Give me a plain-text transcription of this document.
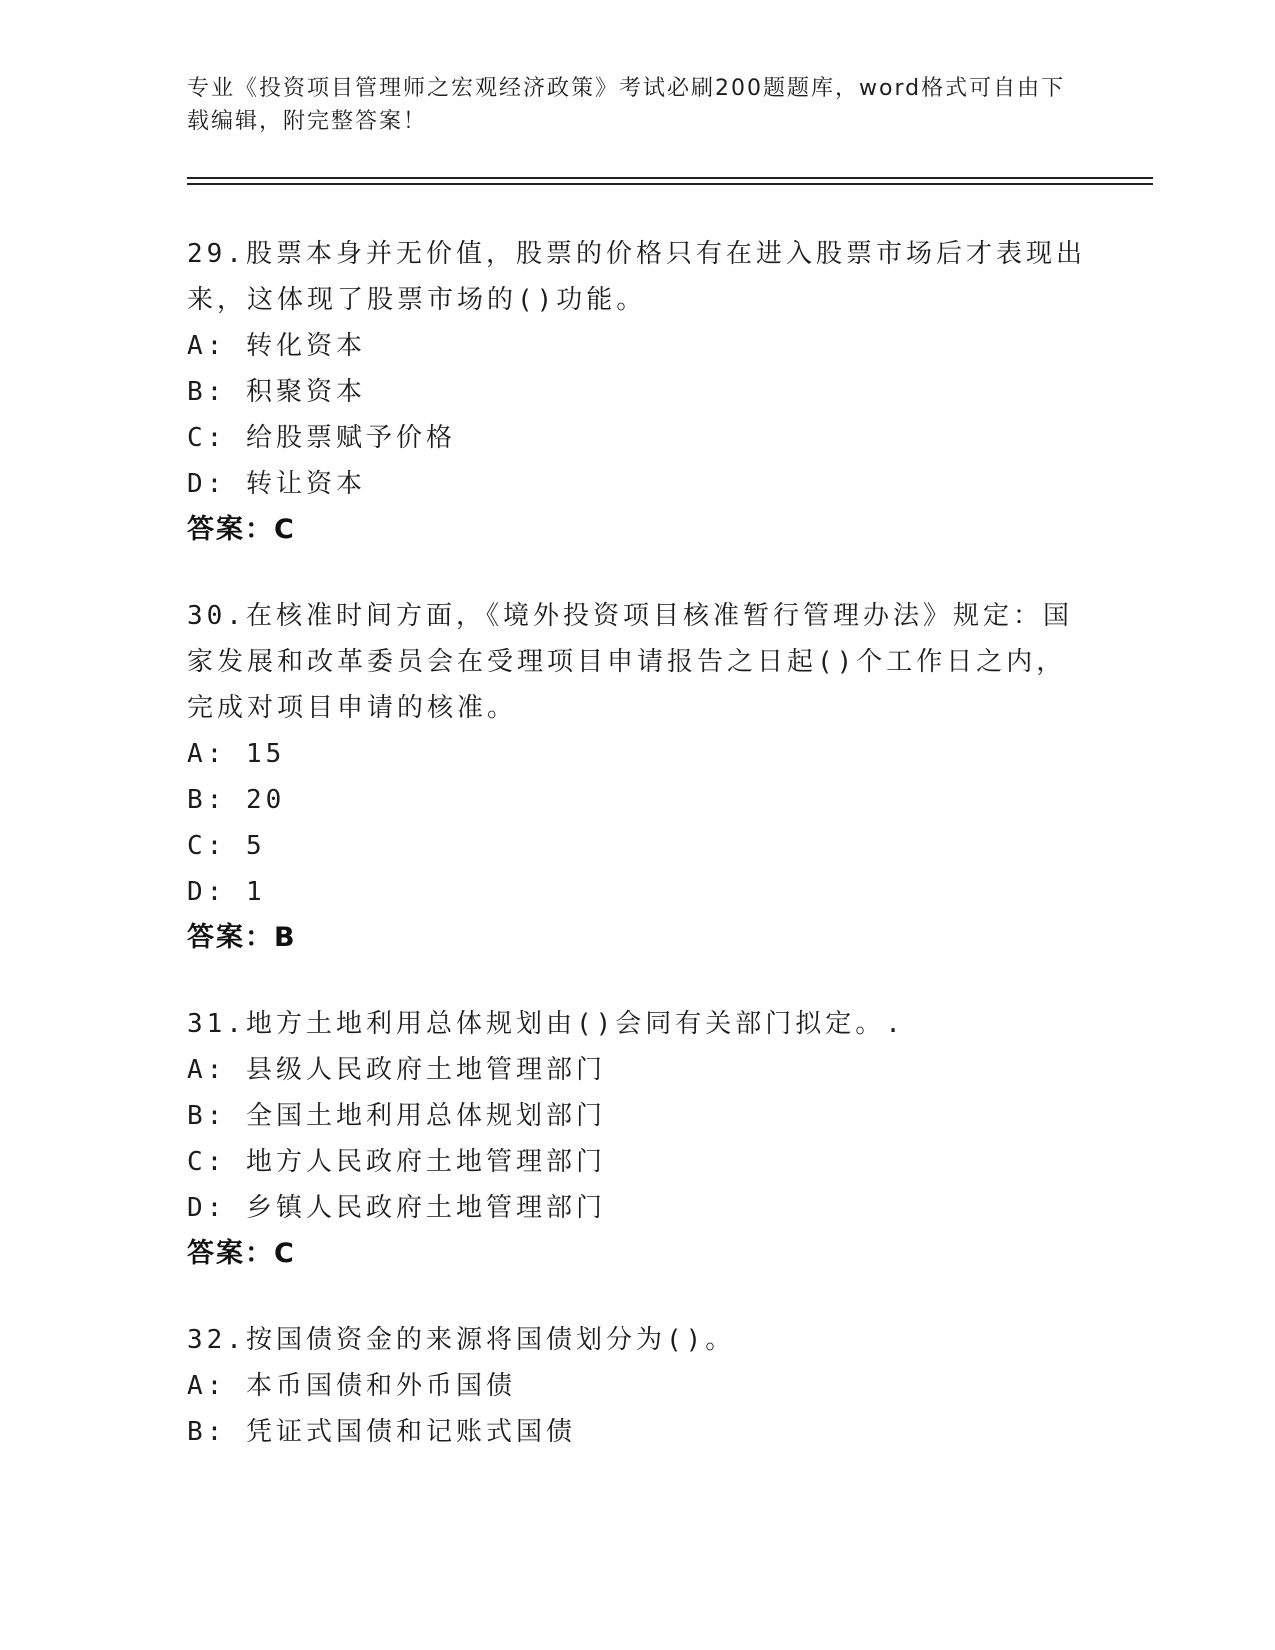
专业《投资项目管理师之宏观经济政策》考试必刷200题题库，word格式可自由下载编辑，附完整答案！
29.股票本身并无价值，股票的价格只有在进入股票市场后才表现出来，这体现了股票市场的()功能。
A: 转化资本
B: 积聚资本
C: 给股票赋予价格
D: 转让资本
答案：C
30.在核准时间方面，《境外投资项目核准暂行管理办法》规定：国家发展和改革委员会在受理项目申请报告之日起()个工作日之内，完成对项目申请的核准。
A: 15
B: 20
C: 5
D: 1
答案：B
31.地方土地利用总体规划由()会同有关部门拟定。.
A: 县级人民政府土地管理部门
B: 全国土地利用总体规划部门
C: 地方人民政府土地管理部门
D: 乡镇人民政府土地管理部门
答案：C
32.按国债资金的来源将国债划分为()。
A: 本币国债和外币国债
B: 凭证式国债和记账式国债
